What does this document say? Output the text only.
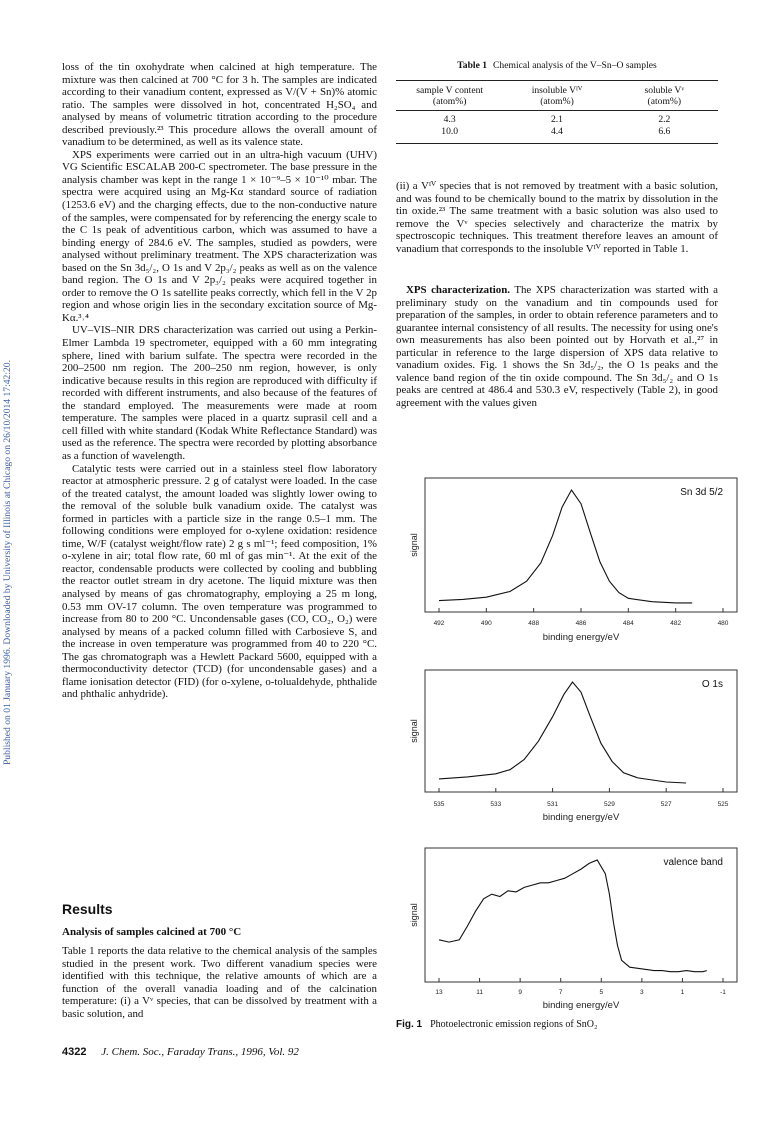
Published on 01 January 1996. Downloaded by University of Illinois at Chicago on 26/10/2014 17:42:20.

loss of the tin oxohydrate when calcined at high temperature. The mixture was then calcined at 700 °C for 3 h. The samples are indicated according to their vanadium content, expressed as V/(V + Sn)% atomic ratio. The samples were dissolved in hot, concentrated H₂SO₄ and analysed by means of volumetric titration according to the procedure described previously.²³ This procedure allows the overall amount of vanadium to be determined, as well as its valence state.

XPS experiments were carried out in an ultra-high vacuum (UHV) VG Scientific ESCALAB 200-C spectrometer. The base pressure in the analysis chamber was kept in the range 1 × 10⁻⁹–5 × 10⁻¹⁰ mbar. The spectra were acquired using an Mg-Kα standard source of radiation (1253.6 eV) and the charging effects, due to the non-conductive nature of the samples, were compensated for by referencing the energy scale to the C 1s peak of adventitious carbon, which was assumed to have a binding energy of 284.6 eV. The samples, studied as powders, were analysed without preliminary treatment. The XPS characterization was based on the Sn 3d₅/₂, O 1s and V 2p₃/₂ peaks as well as on the valence band region. The O 1s and V 2p₃/₂ peaks were acquired together in order to remove the O 1s satellite peaks correctly, which fell in the V 2p region and whose origin lies in the secondary excitation source of Mg-Kα.³˒⁴

UV–VIS–NIR DRS characterization was carried out using a Perkin-Elmer Lambda 19 spectrometer, equipped with a 60 mm integrating sphere, lined with barium sulfate. The spectra were recorded in the 200–2500 nm region. The 200–250 nm region, however, is only indicative because results in this region are reproduced with difficulty if recorded with different instruments, and also because of the features of the standard employed. The measurements were made at room temperature. The samples were placed in a quartz suprasil cell and a cell filled with white standard (Kodak White Reflectance Standard) was used as the reference. The spectra were recorded by plotting absorbance as a function of wavelength.

Catalytic tests were carried out in a stainless steel flow laboratory reactor at atmospheric pressure. 2 g of catalyst were loaded. In the case of the treated catalyst, the amount loaded was slightly lower owing to the removal of the soluble bulk vanadium oxide. The catalyst was formed in particles with a particle size in the range 0.5–1 mm. The following conditions were employed for o-xylene oxidation: residence time, W/F (catalyst weight/flow rate) 2 g s ml⁻¹; feed composition, 1% o-xylene in air; total flow rate, 60 ml of gas min⁻¹. At the exit of the reactor, condensable products were collected by cooling and bubbling the reactor outlet stream in dry acetone. The liquid mixture was then analysed by means of gas chromatography, employing a 25 m long, 0.53 mm OV-17 column. The oven temperature was programmed to increase from 80 to 200 °C. Uncondensable gases (CO, CO₂, O₂) were analysed by means of a packed column filled with Carbosieve S, and the increase in oven temperature was programmed from 40 to 220 °C. The gas chromatograph was a Hewlett Packard 5600, equipped with a thermoconductivity detector (TCD) (for uncondensable gases) and a flame ionisation detector (FID) (for o-xylene, o-tolualdehyde, phthalide and phthalic anhydride).

Results
Analysis of samples calcined at 700 °C
Table 1 reports the data relative to the chemical analysis of the samples studied in the present work. Two different vanadium species were identified with this technique, the relative amounts of which are a function of the overall vanadia loading and of the calcination temperature: (i) a Vᵛ species, that can be dissolved by treatment with a basic solution, and
4322 J. Chem. Soc., Faraday Trans., 1996, Vol. 92
Table 1 Chemical analysis of the V–Sn–O samples
sample V content
(atom%)
insoluble Vᴵⱽ
(atom%)
soluble Vᵛ
(atom%)
4.3	2.1	2.2
10.0	4.4	6.6

(ii) a Vᴵⱽ species that is not removed by treatment with a basic solution, and was found to be chemically bound to the matrix by dissolution in the tin oxide.²³ The same treatment with a basic solution was also used to remove the Vᵛ species selectively and characterize the matrix by spectroscopic techniques. This treatment therefore leaves an amount of vanadium that corresponds to the insoluble Vᴵⱽ reported in Table 1.

XPS characterization. The XPS characterization was started with a preliminary study on the vanadium and tin compounds used for preparation of the samples, in order to obtain reference parameters and to guarantee internal consistency of all results. The necessity for using one's own measurements has also been pointed out by Horvath et al.,²⁷ in particular in reference to the large dispersion of XPS data relative to vanadium oxides. Fig. 1 shows the Sn 3d₅/₂, the O 1s peaks and the valence band region of the tin oxide compound. The Sn 3d₅/₂ and O 1s peaks are centred at 486.4 and 530.3 eV, respectively (Table 2), in good agreement with the values given

492	490	488	486	484	482	480
binding energy/eV
signal
Sn 3d 5/2
535	533	531	529	527	525
binding energy/eV
signal
O 1s
13	11	9	7	5	3	1	-1
binding energy/eV
signal
valence band
Fig. 1 Photoelectronic emission regions of SnO₂
